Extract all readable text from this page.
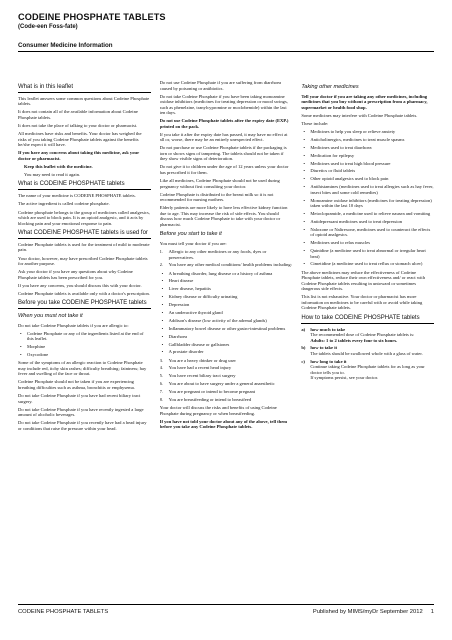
CODEINE PHOSPHATE TABLETS
(Code-een Foss-fate)
Consumer Medicine Information
What is in this leaflet

This leaflet answers some common questions about Codeine Phosphate tablets.

It does not contain all of the available information about Codeine Phosphate tablets.

It does not take the place of talking to your doctor or pharmacist.

All medicines have risks and benefits. Your doctor has weighed the risks of you taking Codeine Phosphate tablets against the benefits he/she expect it will have.

If you have any concerns about taking this medicine, ask your doctor or pharmacist.

Keep this leaflet with the medicine.

You may need to read it again.

What is CODEINE PHOSPHATE tablets

The name of your medicine is CODEINE PHOSPHATE tablets.

The active ingredient is called codeine phosphate.

Codeine phosphate belongs to the group of medicines called analgesics, which are used to block pain. It is an opioid analgesic, and it acts by blocking pain and your emotional response to pain.

What CODEINE PHOSPHATE tablets is used for

Codeine Phosphate tablets is used for the treatment of mild to moderate pain.

Your doctor, however, may have prescribed Codeine Phosphate tablets for another purpose.

Ask your doctor if you have any questions about why Codeine Phosphate tablets has been prescribed for you.

If you have any concerns, you should discuss this with your doctor.

Codeine Phosphate tablets is available only with a doctor's prescription.

Before you take CODEINE PHOSPHATE tablets
When you must not take it

Do not take Codeine Phosphate tablets if you are allergic to:

• Codeine Phosphate or any of the ingredients listed at the end of this leaflet.
• Morphine
• Oxycodone

Some of the symptoms of an allergic reaction to Codeine Phosphate may include red, itchy skin rashes; difficulty breathing; faintness; hay fever and swelling of the face or throat.

Codeine Phosphate should not be taken if you are experiencing breathing difficulties such as asthma, bronchitis or emphysema.

Do not take Codeine Phosphate if you have had recent biliary tract surgery.

Do not take Codeine Phosphate if you have recently ingested a large amount of alcoholic beverages.

Do not take Codeine Phosphate if you recently have had a head injury or conditions that raise the pressure within your head.

Do not use Codeine Phosphate if you are suffering from diarrhoea caused by poisoning or antibiotics.

Do not take Codeine Phosphate if you have been taking monoamine oxidase inhibitors (medicines for treating depression or mood swings, such as phenelzine, tranylcypromine or moclobemide) within the last ten days.

Do not use Codeine Phosphate tablets after the expiry date (EXP.) printed on the pack.

If you take it after the expiry date has passed, it may have no effect at all or, worse, there may be an entirely unexpected effect.

Do not purchase or use Codeine Phosphate tablets if the packaging is torn or shows signs of tampering. The tablets should not be taken if they show visible signs of deterioration.

Do not give it to children under the age of 12 years unless your doctor has prescribed it for them.

Like all medicines, Codeine Phosphate should not be used during pregnancy without first consulting your doctor.

Codeine Phosphate is distributed to the breast milk so it is not recommended for nursing mothers.

Elderly patients are more likely to have less effective kidney function due to age. This may increase the risk of side effects. You should discuss how much Codeine Phosphate to take with your doctor or pharmacist.

Before you start to take it

You must tell your doctor if you are:

1. Allergic to any other medicines or any foods, dyes or preservatives.
2. You have any other medical conditions/ health problems including:
• A breathing disorder, lung disease or a history of asthma
• Heart disease
• Liver disease, hepatitis
• Kidney disease or difficulty urinating
• Depression
• An underactive thyroid gland
• Addison's disease (low activity of the adrenal glands)
• Inflammatory bowel disease or other gastro-intestinal problems
• Diarrhoea
• Gallbladder disease or gallstones
• A prostate disorder
3. You are a heavy drinker or drug user
4. You have had a recent head injury
5. You have recent biliary tract surgery
6. You are about to have surgery under a general anaesthetic
7. You are pregnant or intend to become pregnant
8. You are breastfeeding or intend to breastfeed

Your doctor will discuss the risks and benefits of using Codeine Phosphate during pregnancy or when breastfeeding.

If you have not told your doctor about any of the above, tell them before you take any Codeine Phosphate tablets.

Taking other medicines

Tell your doctor if you are taking any other medicines, including medicines that you buy without a prescription from a pharmacy, supermarket or health food shop.

Some medicines may interfere with Codeine Phosphate tablets.

These include:

• Medicines to help you sleep or relieve anxiety
• Anticholinergics, medicines to treat muscle spasms
• Medicines used to treat diarrhoea
• Medication for epilepsy
• Medicines used to treat high blood pressure
• Diuretics or fluid tablets
• Other opioid analgesics used to block pain
• Antihistamines (medicines used to treat allergies such as hay fever, insect bites and some cold remedies)
• Monoamine oxidase inhibitors (medicines for treating depression) taken within the last 10 days
• Metoclopramide, a medicine used to relieve nausea and vomiting
• Antidepressant medicines used to treat depression
• Naloxone or Naltrexone, medicines used to counteract the effects of opioid analgesics.
• Medicines used to relax muscles
• Quinidine (a medicine used to treat abnormal or irregular heart beat)
• Cimetidine (a medicine used to treat reflux or stomach ulcer)

The above medicines may reduce the effectiveness of Codeine Phosphate tablets, reduce their own effectiveness and/ or react with Codeine Phosphate tablets resulting in untoward or sometimes dangerous side effects.

This list is not exhaustive. Your doctor or pharmacist has more information on medicines to be careful with or avoid while taking Codeine Phosphate tablets.

How to take CODEINE PHOSPHATE tablets
a) how much to take
The recommended dose of Codeine Phosphate tablets is:
Adults: 1 to 2 tablets every four to six hours.
b) how to take it
The tablets should be swallowed whole with a glass of water.
c) how long to take it
Continue taking Codeine Phosphate tablets for as long as your doctor tells you to.
If symptoms persist, see your doctor.
CODEINE PHOSPHATE TABLETS	Published by MIMS/myDr September 2012 1
